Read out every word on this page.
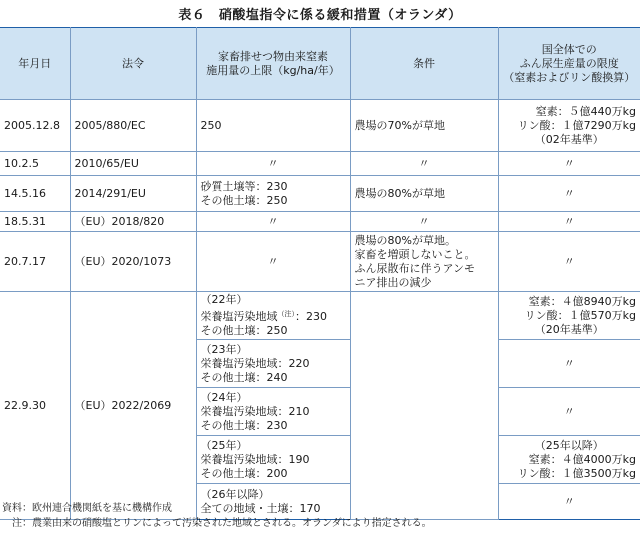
表６　硝酸塩指令に係る緩和措置（オランダ）
年月日	法令	家畜排せつ物由来窒素
施用量の上限（kg/ha/年）	条件	国全体での
ふん尿生産量の限度
（窒素およびリン酸換算）

2005.12.8	2005/880/EC	250	農場の70%が草地	窒素：５億440万kg
リン酸：１億7290万kg
（02年基準）

10.2.5	2010/65/EU	〃	〃	〃
14.5.16	2014/291/EU	砂質土壌等：230
その他土壌：250	農場の80%が草地	〃
18.5.31	（EU）2018/820	〃	〃	〃
20.7.17	（EU）2020/1073	〃	農場の80%が草地。
家畜を増頭しないこと。
ふん尿散布に伴うアンモ
ニア排出の減少	〃
22.9.30	（EU）2022/2069	（22年）
栄養塩汚染地域$^{(注)}$：230
その他土壌：250		窒素：４億8940万kg
リン酸：１億570万kg
（20年基準）

		（23年）
栄養塩汚染地域：220
その他土壌：240		〃

		（24年）
栄養塩汚染地域：210
その他土壌：230		〃

		（25年）
栄養塩汚染地域：190
その他土壌：200		（25年以降）
窒素：４億4000万kg
リン酸：１億3500万kg

		（26年以降）
全ての地域・土壌：170		〃
資料：欧州連合機関紙を基に機構作成
　注：農業由来の硝酸塩とリンによって汚染された地域とされる。オランダにより指定される。
